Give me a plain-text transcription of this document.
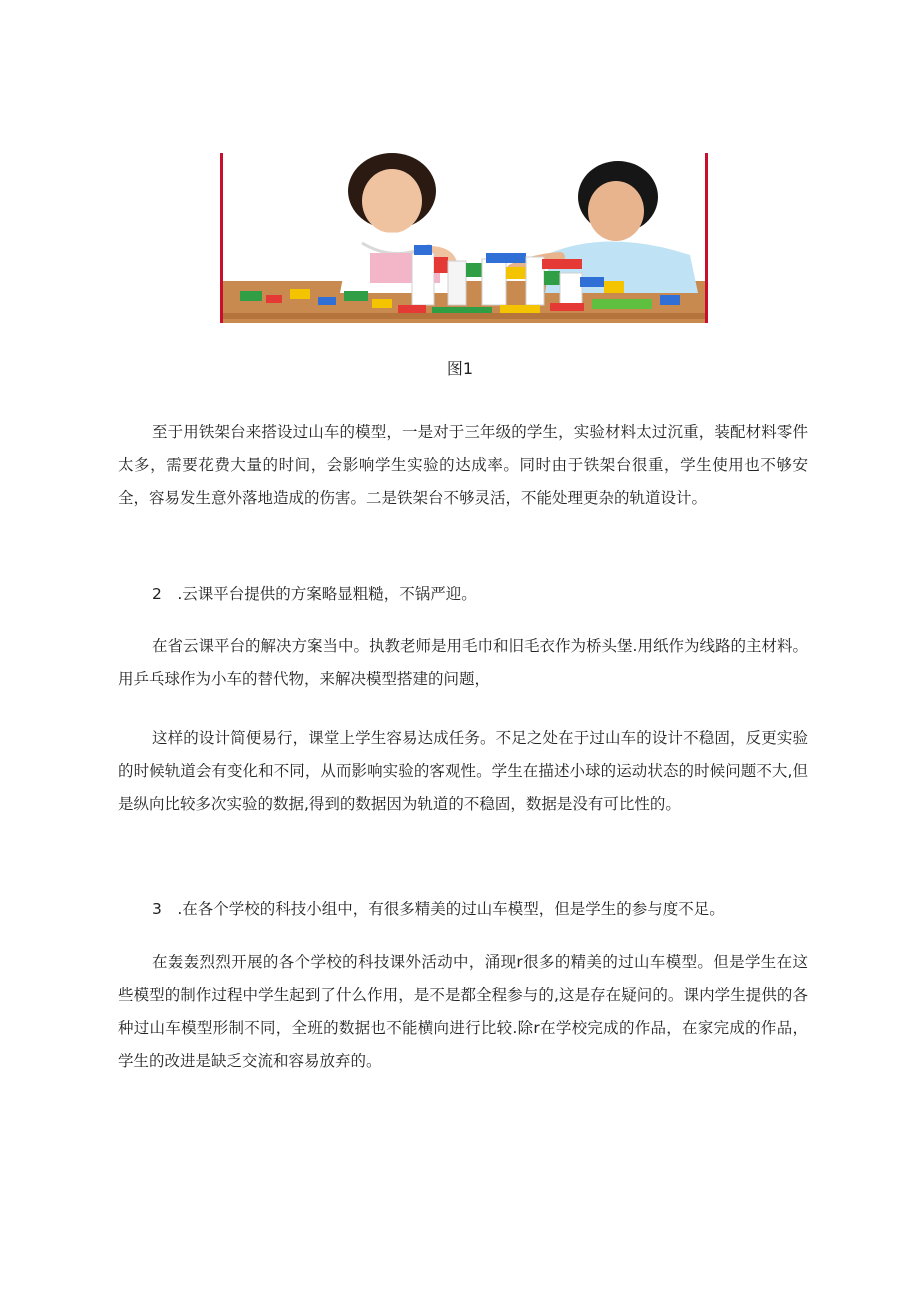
图1

至于用铁架台来搭设过山车的模型，一是对于三年级的学生，实验材料太过沉重，装配材料零件太多，需要花费大量的时间，会影响学生实验的达成率。同时由于铁架台很重，学生使用也不够安全，容易发生意外落地造成的伤害。二是铁架台不够灵活，不能处理更杂的轨道设计。

2　.云课平台提供的方案略显粗糙，不锅严迎。

在省云课平台的解决方案当中。执教老师是用毛巾和旧毛衣作为桥头堡.用纸作为线路的主材料。用乒乓球作为小车的替代物，来解决模型搭建的问题，

这样的设计简便易行，课堂上学生容易达成任务。不足之处在于过山车的设计不稳固，反更实验的时候轨道会有变化和不同，从而影响实验的客观性。学生在描述小球的运动状态的时候问题不大,但是纵向比较多次实验的数据,得到的数据因为轨道的不稳固，数据是没有可比性的。

3　.在各个学校的科技小组中，有很多精美的过山车模型，但是学生的参与度不足。

在轰轰烈烈开展的各个学校的科技课外活动中，涌现r很多的精美的过山车模型。但是学生在这些模型的制作过程中学生起到了什么作用，是不是都全程参与的,这是存在疑问的。课内学生提供的各种过山车模型形制不同，全班的数据也不能横向进行比较.除r在学校完成的作品，在家完成的作品，学生的改进是缺乏交流和容易放弃的。
